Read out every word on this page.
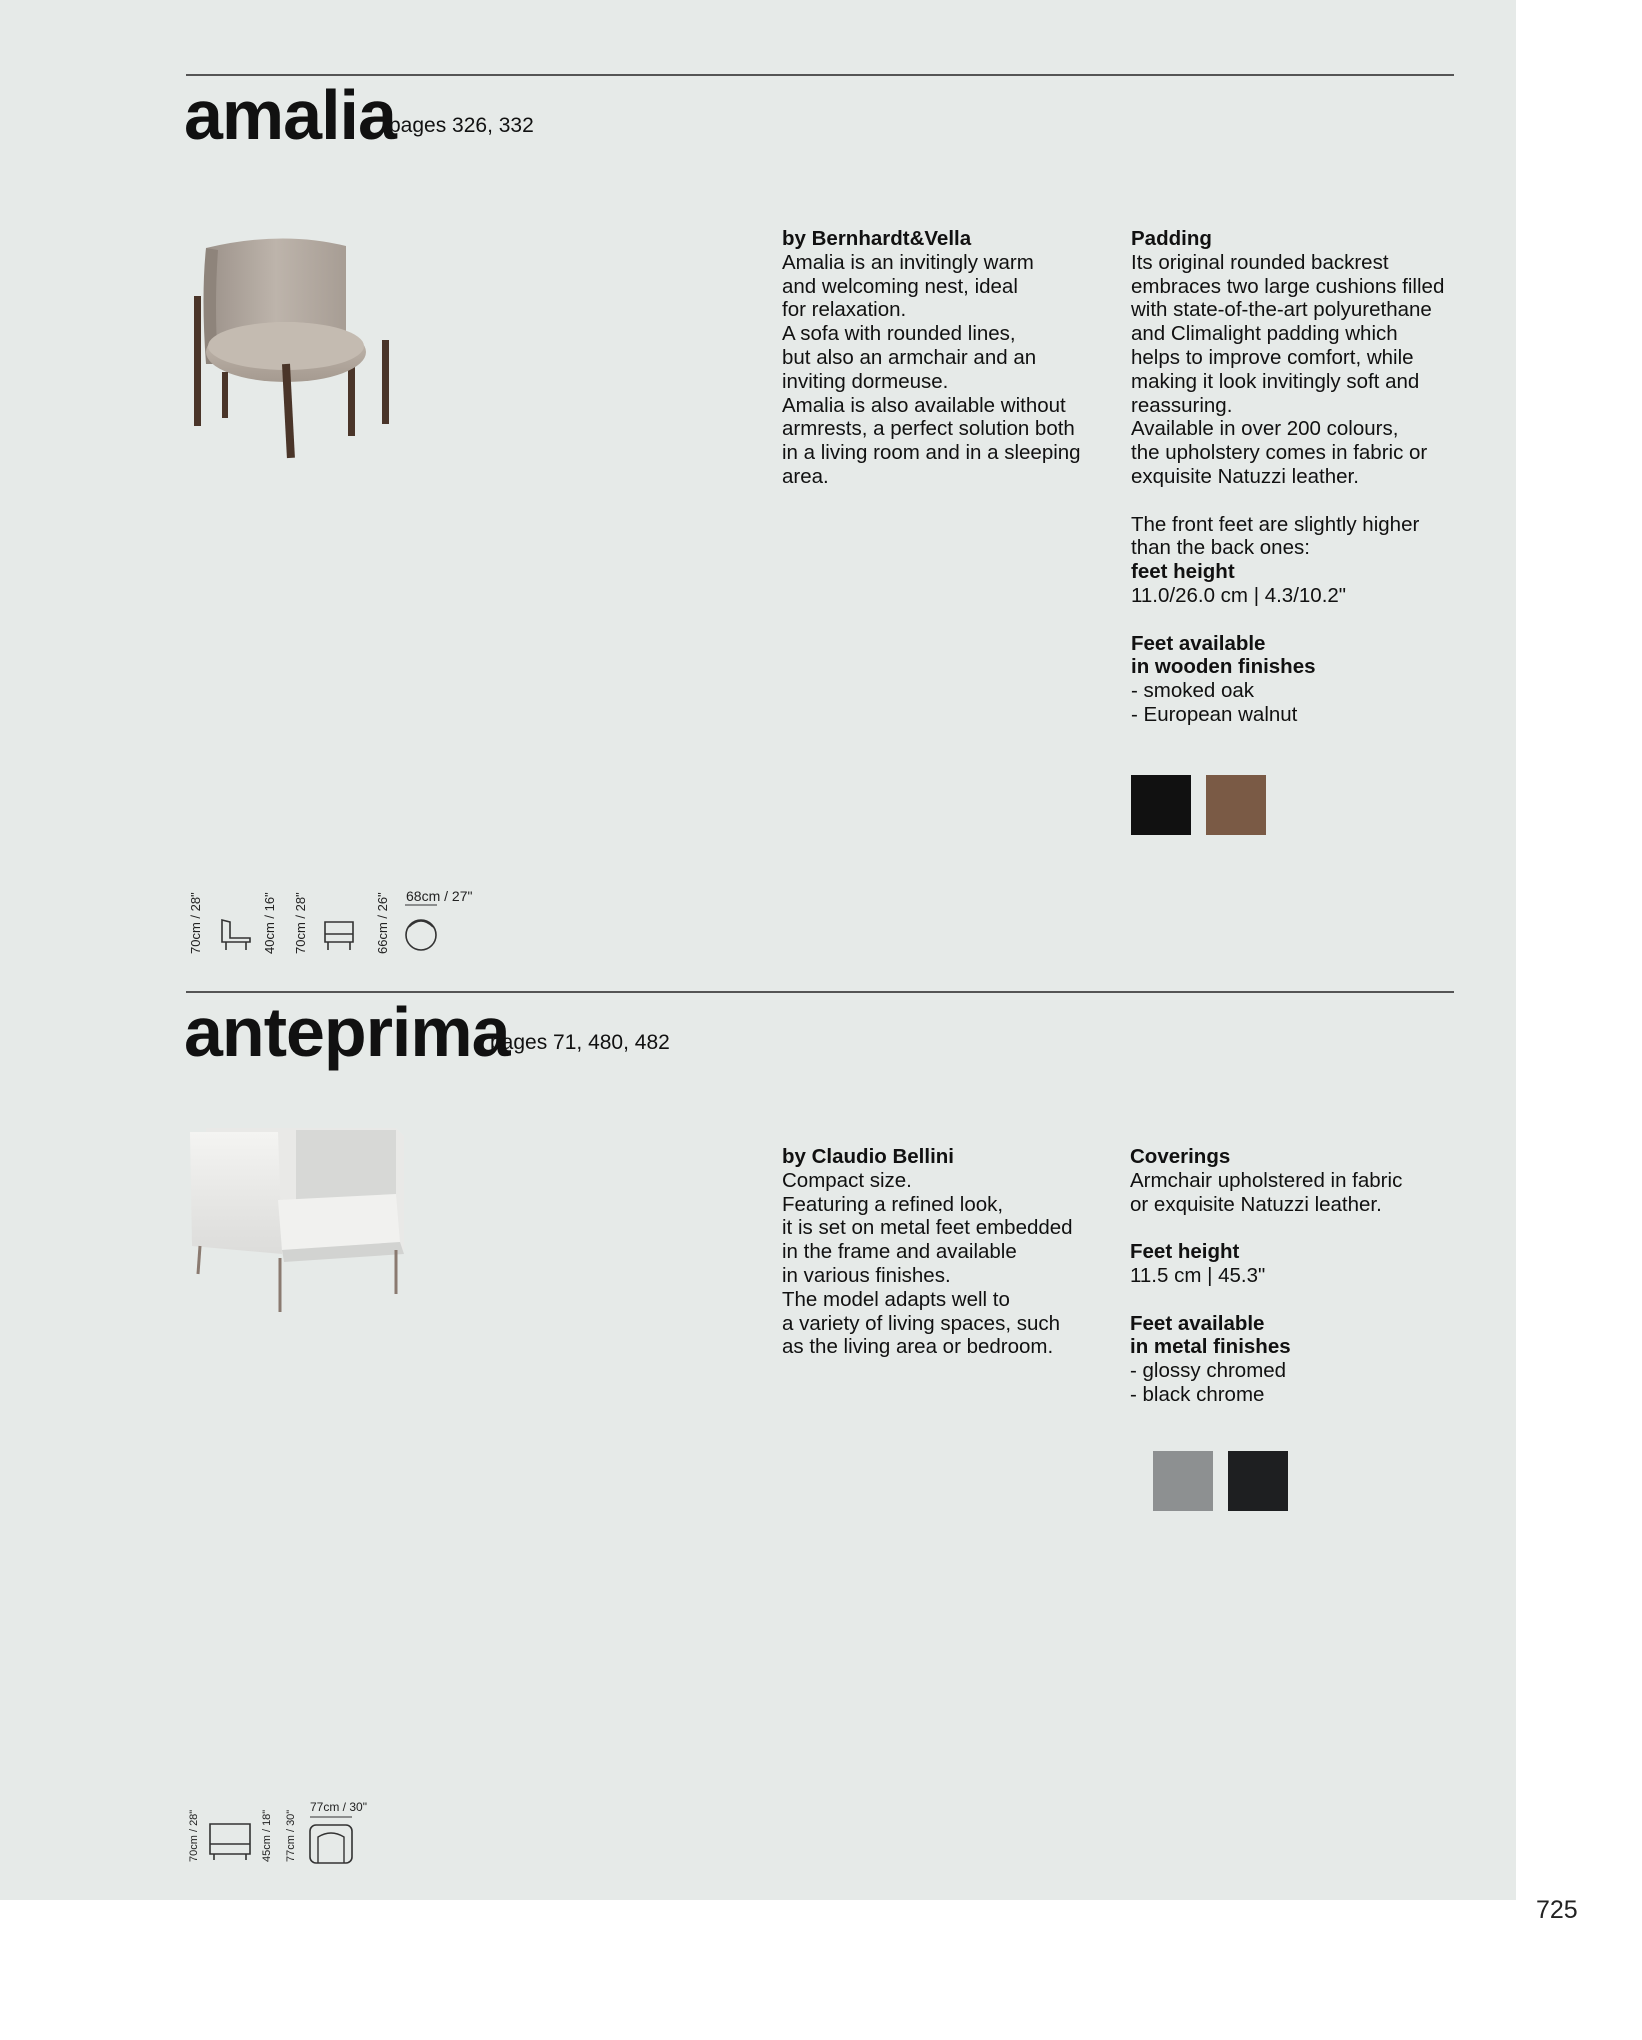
amalia
pages 326, 332

by Bernhardt&Vella

Amalia is an invitingly warm

and welcoming nest, ideal

for relaxation.

A sofa with rounded lines,

but also an armchair and an

inviting dormeuse.

Amalia is also available without

armrests, a perfect solution both

in a living room and in a sleeping

area.

Padding

Its original rounded backrest

embraces two large cushions filled

with state-of-the-art polyurethane

and Climalight padding which

helps to improve comfort, while

making it look invitingly soft and

reassuring.

Available in over 200 colours,

the upholstery comes in fabric or

exquisite Natuzzi leather.

The front feet are slightly higher

than the back ones:

feet height

11.0/26.0 cm | 4.3/10.2"

Feet available

in wooden finishes

- smoked oak

- European walnut

70cm / 28"	40cm / 16" 70cm / 28"	66cm / 26" 68cm / 27"
anteprima
pages 71, 480, 482

by Claudio Bellini

Compact size.

Featuring a refined look,

it is set on metal feet embedded

in the frame and available

in various finishes.

The model adapts well to

a variety of living spaces, such

as the living area or bedroom.

Coverings

Armchair upholstered in fabric

or exquisite Natuzzi leather.

Feet height

11.5 cm | 45.3"

Feet available

in metal finishes

- glossy chromed

- black chrome

70cm / 28"	45cm / 18" 77cm / 30"
77cm / 30"
725
